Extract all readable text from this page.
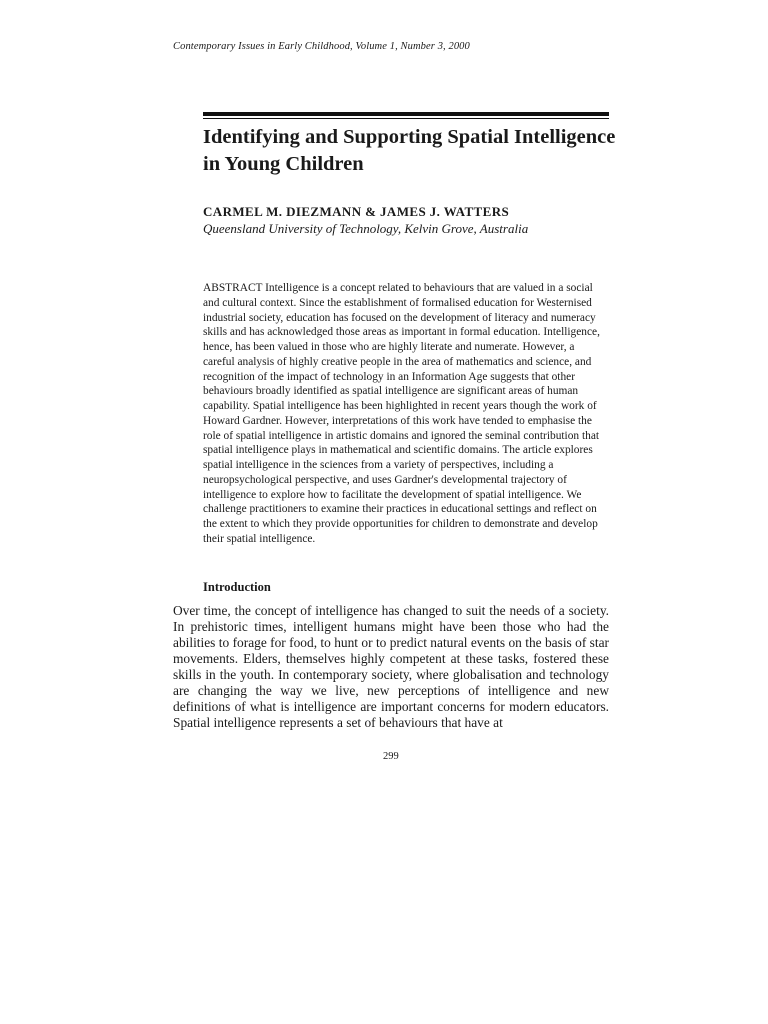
Contemporary Issues in Early Childhood, Volume 1, Number 3, 2000
Identifying and Supporting Spatial Intelligence in Young Children
CARMEL M. DIEZMANN & JAMES J. WATTERS
Queensland University of Technology, Kelvin Grove, Australia

ABSTRACT Intelligence is a concept related to behaviours that are valued in a social and cultural context. Since the establishment of formalised education for Westernised industrial society, education has focused on the development of literacy and numeracy skills and has acknowledged those areas as important in formal education. Intelligence, hence, has been valued in those who are highly literate and numerate. However, a careful analysis of highly creative people in the area of mathematics and science, and recognition of the impact of technology in an Information Age suggests that other behaviours broadly identified as spatial intelligence are significant areas of human capability. Spatial intelligence has been highlighted in recent years though the work of Howard Gardner. However, interpretations of this work have tended to emphasise the role of spatial intelligence in artistic domains and ignored the seminal contribution that spatial intelligence plays in mathematical and scientific domains. The article explores spatial intelligence in the sciences from a variety of perspectives, including a neuropsychological perspective, and uses Gardner's developmental trajectory of intelligence to explore how to facilitate the development of spatial intelligence. We challenge practitioners to examine their practices in educational settings and reflect on the extent to which they provide opportunities for children to demonstrate and develop their spatial intelligence.

Introduction

Over time, the concept of intelligence has changed to suit the needs of a society. In prehistoric times, intelligent humans might have been those who had the abilities to forage for food, to hunt or to predict natural events on the basis of star movements. Elders, themselves highly competent at these tasks, fostered these skills in the youth. In contemporary society, where globalisation and technology are changing the way we live, new perceptions of intelligence and new definitions of what is intelligence are important concerns for modern educators. Spatial intelligence represents a set of behaviours that have at

299
